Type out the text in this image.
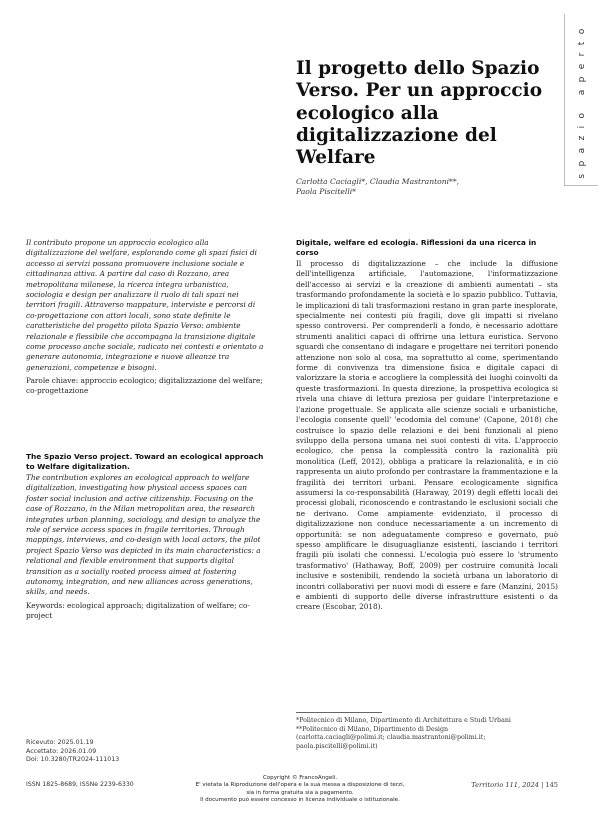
spazio aperto
Il progetto dello Spazio Verso. Per un approccio ecologico alla digitalizzazione del Welfare
Carlotta Caciagli*, Claudia Mastrantoni**,
Paola Piscitelli*
Il contributo propone un approccio ecologico alla digitalizzazione del welfare, esplorando come gli spazi fisici di accesso ai servizi possano promuovere inclusione sociale e cittadinanza attiva. A partire dal caso di Rozzano, area metropolitana milanese, la ricerca integra urbanistica, sociologia e design per analizzare il ruolo di tali spazi nei territori fragili. Attraverso mappature, interviste e percorsi di co-progettazione con attori locali, sono state definite le caratteristiche del progetto pilota Spazio Verso: ambiente relazionale e flessibile che accompagna la transizione digitale come processo anche sociale, radicato nei contesti e orientato a generare autonomia, integrazione e nuove alleanze tra generazioni, competenze e bisogni.
Parole chiave: approccio ecologico; digitalizzazione del welfare; co-progettazione
The Spazio Verso project. Toward an ecological approach to Welfare digitalization.
The contribution explores an ecological approach to welfare digitalization, investigating how physical access spaces can foster social inclusion and active citizenship. Focusing on the case of Rozzano, in the Milan metropolitan area, the research integrates urban planning, sociology, and design to analyze the role of service access spaces in fragile territories. Through mappings, interviews, and co-design with local actors, the pilot project Spazio Verso was depicted in its main characteristics: a relational and flexible environment that supports digital transition as a socially rooted process aimed at fostering autonomy, integration, and new alliances across generations, skills, and needs.
Keywords: ecological approach; digitalization of welfare; co-project
Digitale, welfare ed ecologia. Riflessioni da una ricerca in corso

Il processo di digitalizzazione – che include la diffusione dell'intelligenza artificiale, l'automazione, l'informatizzazione dell'accesso ai servizi e la creazione di ambienti aumentati – sta trasformando profondamente la società e lo spazio pubblico. Tuttavia, le implicazioni di tali trasformazioni restano in gran parte inesplorate, specialmente nei contesti più fragili, dove gli impatti si rivelano spesso controversi. Per comprenderli a fondo, è necessario adottare strumenti analitici capaci di offrirne una lettura euristica. Servono sguardi che consentano di indagare e progettare nei territori ponendo attenzione non solo al cosa, ma soprattutto al come, sperimentando forme di convivenza tra dimensione fisica e digitale capaci di valorizzare la storia e accogliere la complessità dei luoghi coinvolti da queste trasformazioni. In questa direzione, la prospettiva ecologica si rivela una chiave di lettura preziosa per guidare l'interpretazione e l'azione progettuale. Se applicata alle scienze sociali e urbanistiche, l'ecologia consente quell' 'ecodomia del comune' (Capone, 2018) che costruisce lo spazio delle relazioni e dei beni funzionali al pieno sviluppo della persona umana nei suoi contesti di vita. L'approccio ecologico, che pensa la complessità contro la razionalità più monolitica (Leff, 2012), obbliga a praticare la relazionalità, e in ciò rappresenta un aiuto profondo per contrastare la frammentazione e la fragilità dei territori urbani. Pensare ecologicamente significa assumersi la co-responsabilità (Haraway, 2019) degli effetti locali dei processi globali, riconoscendo e contrastando le esclusioni sociali che ne derivano. Come ampiamente evidenziato, il processo di digitalizzazione non conduce necessariamente a un incremento di opportunità: se non adeguatamente compreso e governato, può spesso amplificare le disuguaglianze esistenti, lasciando i territori fragili più isolati che connessi. L'ecologia può essere lo 'strumento trasformativo' (Hathaway, Boff, 2009) per costruire comunità locali inclusive e sostenibili, rendendo la società urbana un laboratorio di incontri collaborativi per nuovi modi di essere e fare (Manzini, 2015) e ambienti di supporto delle diverse infrastrutture esistenti o da creare (Escobar, 2018).

Ricevuto: 2025.01.19
Accettato: 2026.01.09
Doi: 10.3280/TR2024-111013
*Politecnico di Milano, Dipartimento di Architettura e Studi Urbani
**Politecnico di Milano, Dipartimento di Design
(carlotta.caciagli@polimi.it; claudia.mastrantoni@polimi.it; paola.piscitelli@polimi.it)
ISSN 1825-8689, ISSNe 2239-6330
Copyright © FrancoAngeli.
E' vietata la Riproduzione dell'opera e la sua messa a disposizione di terzi,
sia in forma gratuita sia a pagamento.
Il documento può essere concesso in licenza individuale o istituzionale.
Territorio 111, 2024 | 145
